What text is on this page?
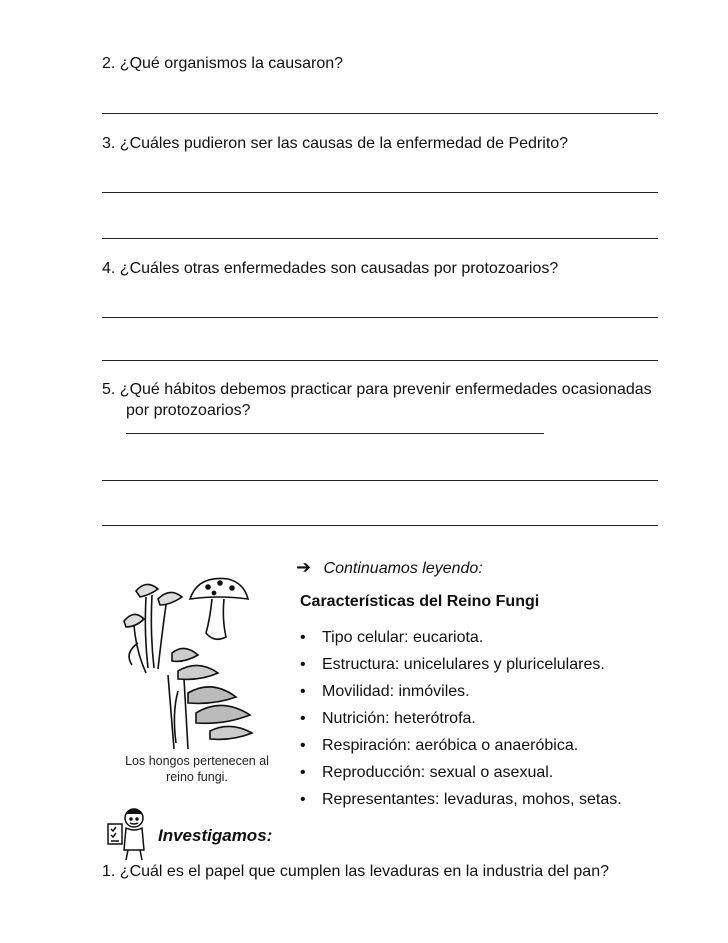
2. ¿Qué organismos la causaron?
3. ¿Cuáles pudieron ser las causas de la enfermedad de Pedrito?
4. ¿Cuáles otras enfermedades son causadas por protozoarios?
5. ¿Qué hábitos debemos practicar para prevenir enfermedades ocasionadas
por protozoarios?
➔ Continuamos leyendo:
Características del Reino Fungi
• Tipo celular: eucariota.
• Estructura: unicelulares y pluricelulares.
• Movilidad: inmóviles.
• Nutrición: heterótrofa.
• Respiración: aeróbica o anaeróbica.
• Reproducción: sexual o asexual.
• Representantes: levaduras, mohos, setas.
Los hongos pertenecen al
reino fungi.
Investigamos:
1. ¿Cuál es el papel que cumplen las levaduras en la industria del pan?
